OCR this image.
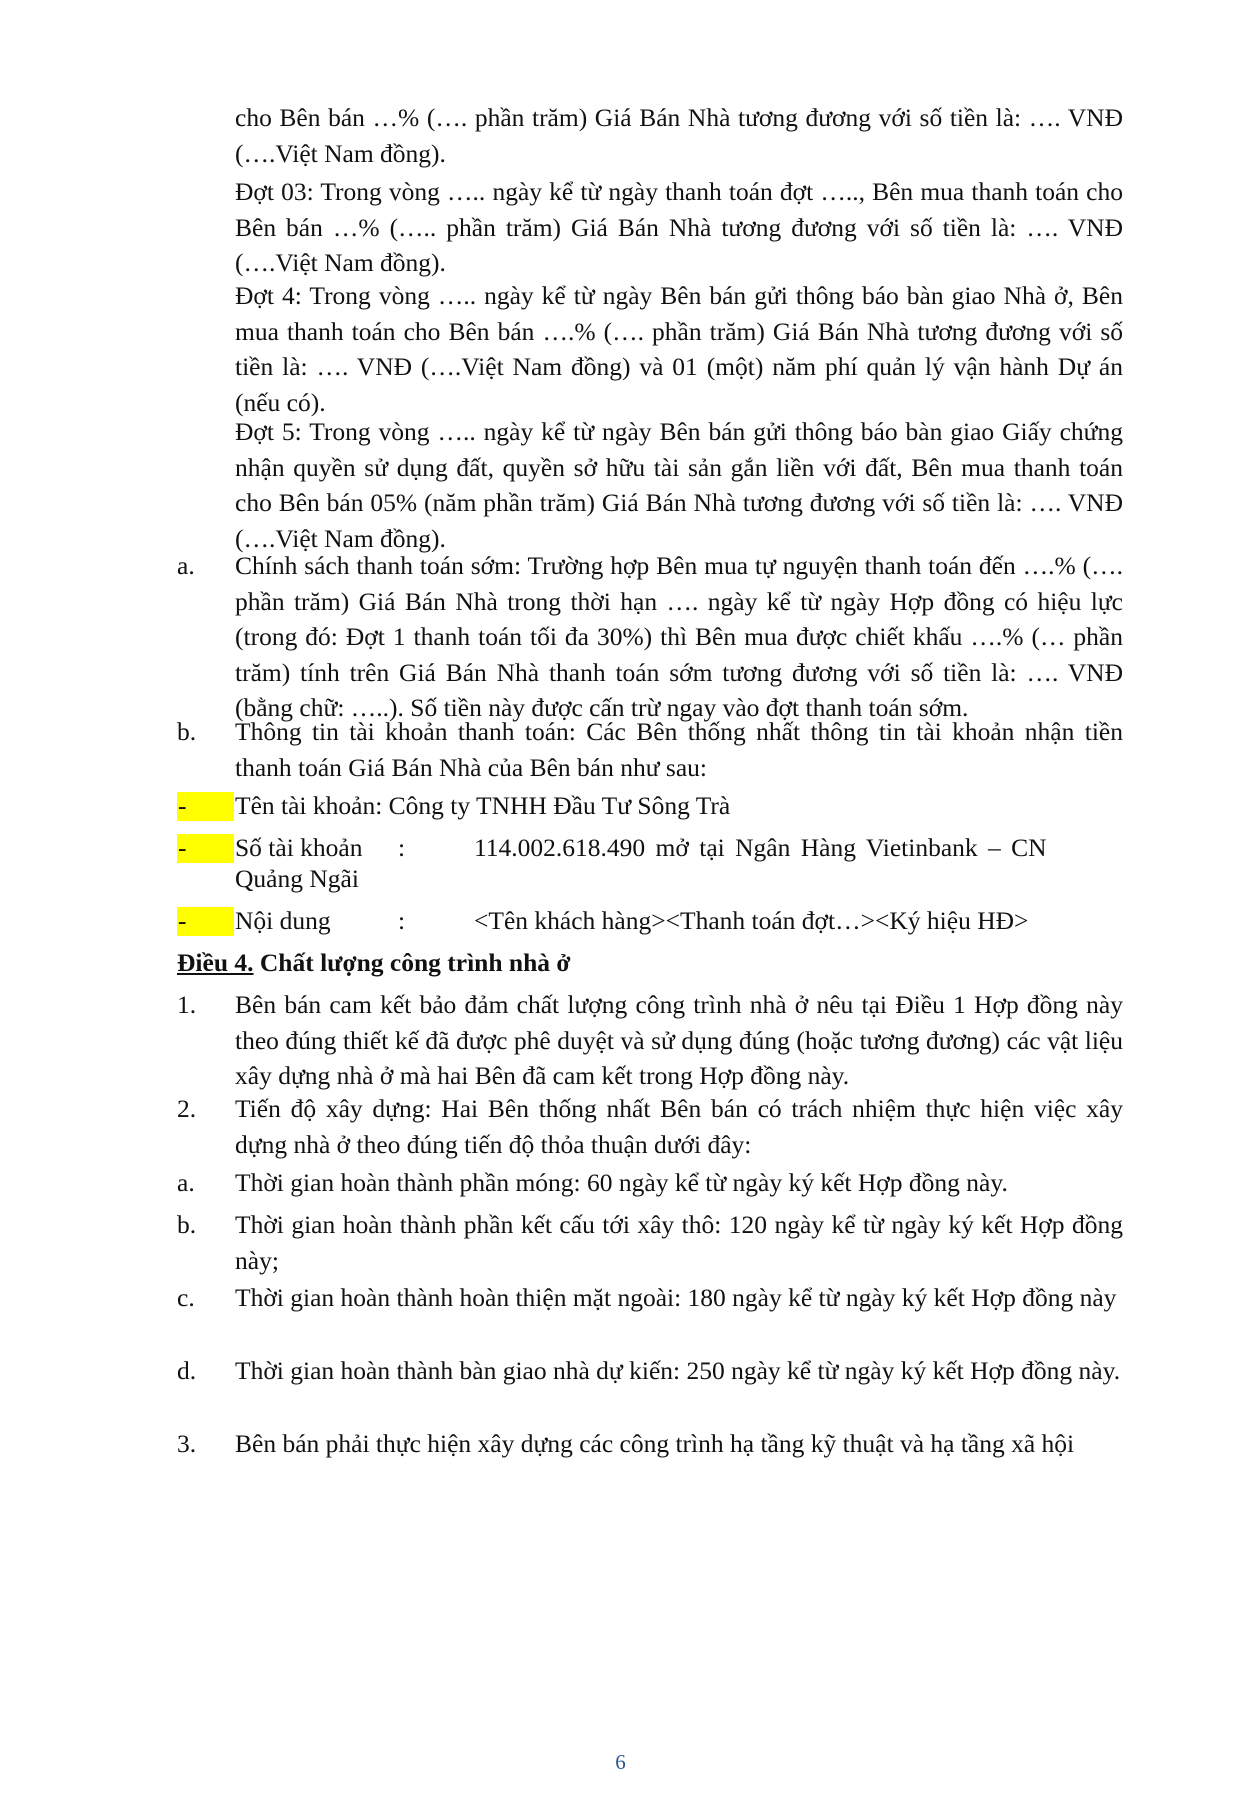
cho Bên bán …% (…. phần trăm) Giá Bán Nhà tương đương với số tiền là: …. VNĐ (….Việt Nam đồng).

Đợt 03: Trong vòng ….. ngày kể từ ngày thanh toán đợt ….., Bên mua thanh toán cho Bên bán …% (….. phần trăm) Giá Bán Nhà tương đương với số tiền là: …. VNĐ (….Việt Nam đồng).

Đợt 4: Trong vòng ….. ngày kể từ ngày Bên bán gửi thông báo bàn giao Nhà ở, Bên mua thanh toán cho Bên bán ….% (…. phần trăm) Giá Bán Nhà tương đương với số tiền là: …. VNĐ (….Việt Nam đồng) và 01 (một) năm phí quản lý vận hành Dự án (nếu có).

Đợt 5: Trong vòng ….. ngày kể từ ngày Bên bán gửi thông báo bàn giao Giấy chứng nhận quyền sử dụng đất, quyền sở hữu tài sản gắn liền với đất, Bên mua thanh toán cho Bên bán 05% (năm phần trăm) Giá Bán Nhà tương đương với số tiền là: …. VNĐ (….Việt Nam đồng).

a. Chính sách thanh toán sớm: Trường hợp Bên mua tự nguyện thanh toán đến ….% (…. phần trăm) Giá Bán Nhà trong thời hạn …. ngày kể từ ngày Hợp đồng có hiệu lực (trong đó: Đợt 1 thanh toán tối đa 30%) thì Bên mua được chiết khấu ….% (… phần trăm) tính trên Giá Bán Nhà thanh toán sớm tương đương với số tiền là: …. VNĐ (bằng chữ: …..). Số tiền này được cấn trừ ngay vào đợt thanh toán sớm.
b. Thông tin tài khoản thanh toán: Các Bên thống nhất thông tin tài khoản nhận tiền thanh toán Giá Bán Nhà của Bên bán như sau:
- Tên tài khoản: Công ty TNHH Đầu Tư Sông Trà
- Số tài khoản :	114.002.618.490 mở tại Ngân Hàng Vietinbank – CN
Quảng Ngãi
- Nội dung	:	<Tên khách hàng><Thanh toán đợt…><Ký hiệu HĐ>
Điều 4. Chất lượng công trình nhà ở
1. Bên bán cam kết bảo đảm chất lượng công trình nhà ở nêu tại Điều 1 Hợp đồng này theo đúng thiết kế đã được phê duyệt và sử dụng đúng (hoặc tương đương) các vật liệu xây dựng nhà ở mà hai Bên đã cam kết trong Hợp đồng này.
2. Tiến độ xây dựng: Hai Bên thống nhất Bên bán có trách nhiệm thực hiện việc xây dựng nhà ở theo đúng tiến độ thỏa thuận dưới đây:
a. Thời gian hoàn thành phần móng: 60 ngày kể từ ngày ký kết Hợp đồng này.
b. Thời gian hoàn thành phần kết cấu tới xây thô: 120 ngày kể từ ngày ký kết Hợp đồng này;
c. Thời gian hoàn thành hoàn thiện mặt ngoài: 180 ngày kể từ ngày ký kết Hợp đồng này
d. Thời gian hoàn thành bàn giao nhà dự kiến: 250 ngày kể từ ngày ký kết Hợp đồng này.
3. Bên bán phải thực hiện xây dựng các công trình hạ tầng kỹ thuật và hạ tầng xã hội
6
